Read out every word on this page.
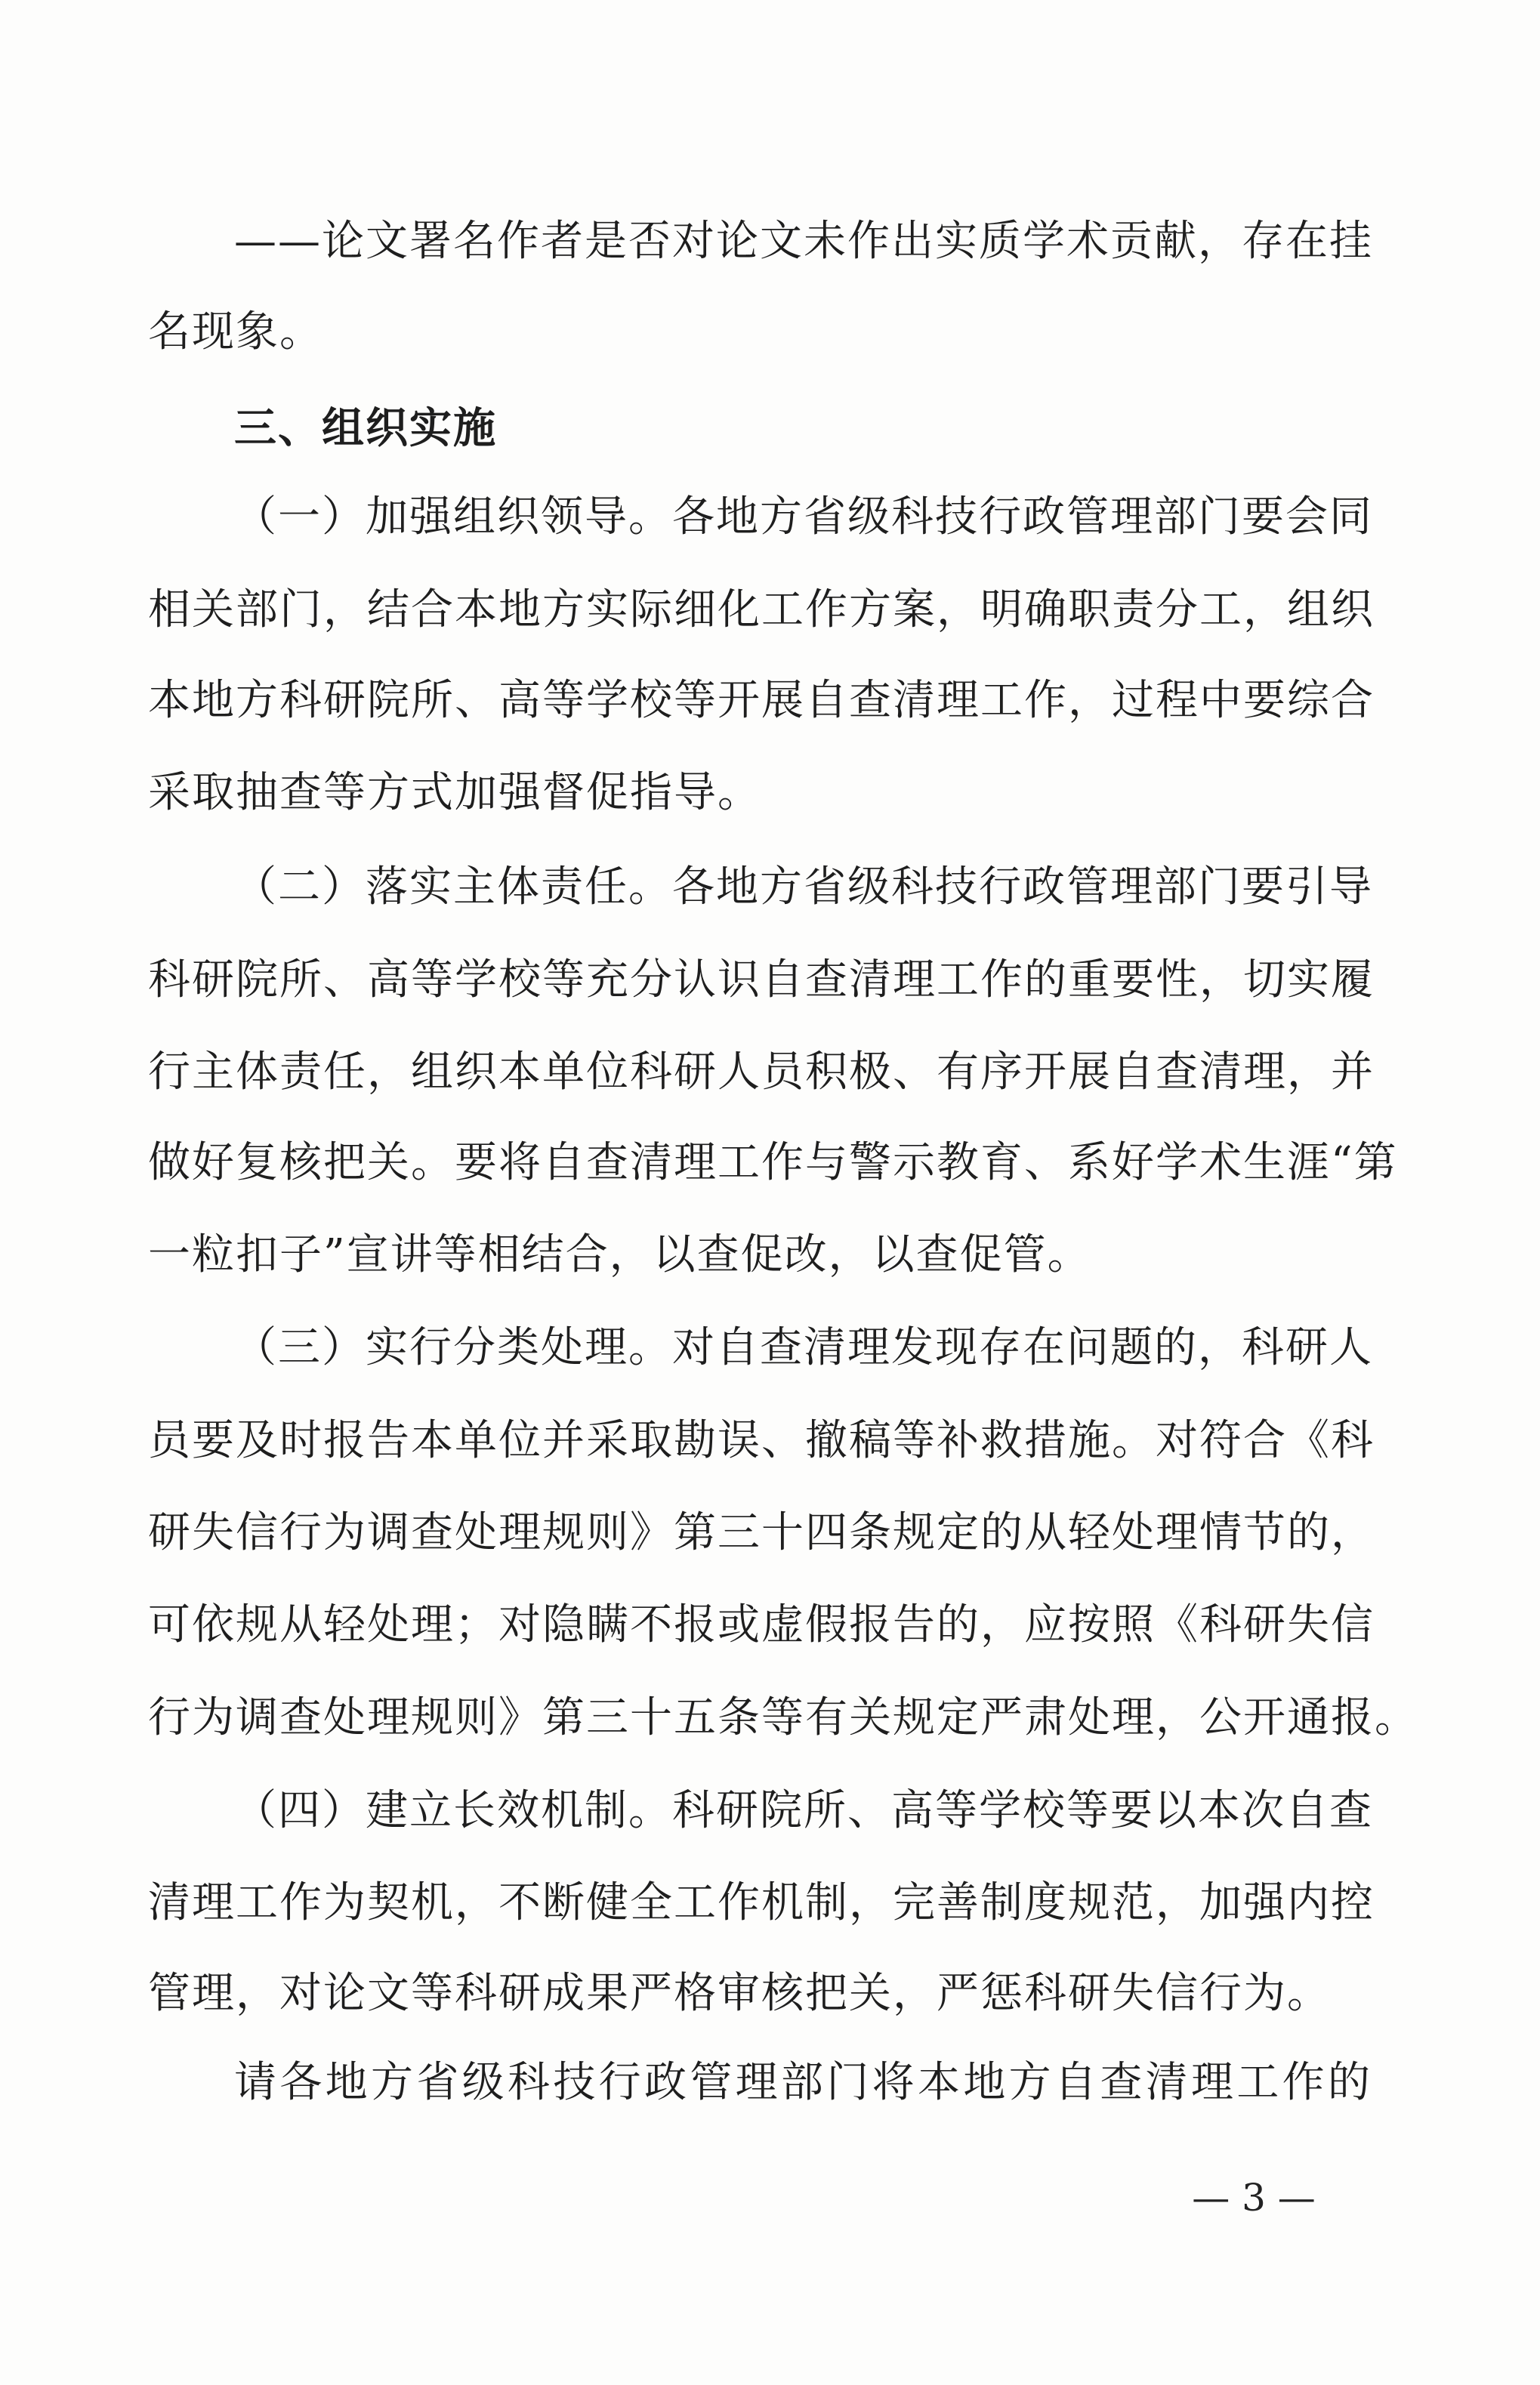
——论文署名作者是否对论文未作出实质学术贡献，存在挂
名现象。
三、组织实施
（一）加强组织领导。各地方省级科技行政管理部门要会同
相关部门，结合本地方实际细化工作方案，明确职责分工，组织
本地方科研院所、高等学校等开展自查清理工作，过程中要综合
采取抽查等方式加强督促指导。
（二）落实主体责任。各地方省级科技行政管理部门要引导
科研院所、高等学校等充分认识自查清理工作的重要性，切实履
行主体责任，组织本单位科研人员积极、有序开展自查清理，并
做好复核把关。要将自查清理工作与警示教育、系好学术生涯“第
一粒扣子”宣讲等相结合，以查促改，以查促管。
（三）实行分类处理。对自查清理发现存在问题的，科研人
员要及时报告本单位并采取勘误、撤稿等补救措施。对符合《科
研失信行为调查处理规则》第三十四条规定的从轻处理情节的，
可依规从轻处理；对隐瞒不报或虚假报告的，应按照《科研失信
行为调查处理规则》第三十五条等有关规定严肃处理，公开通报。
（四）建立长效机制。科研院所、高等学校等要以本次自查
清理工作为契机，不断健全工作机制，完善制度规范，加强内控
管理，对论文等科研成果严格审核把关，严惩科研失信行为。
请各地方省级科技行政管理部门将本地方自查清理工作的
— 3 —
